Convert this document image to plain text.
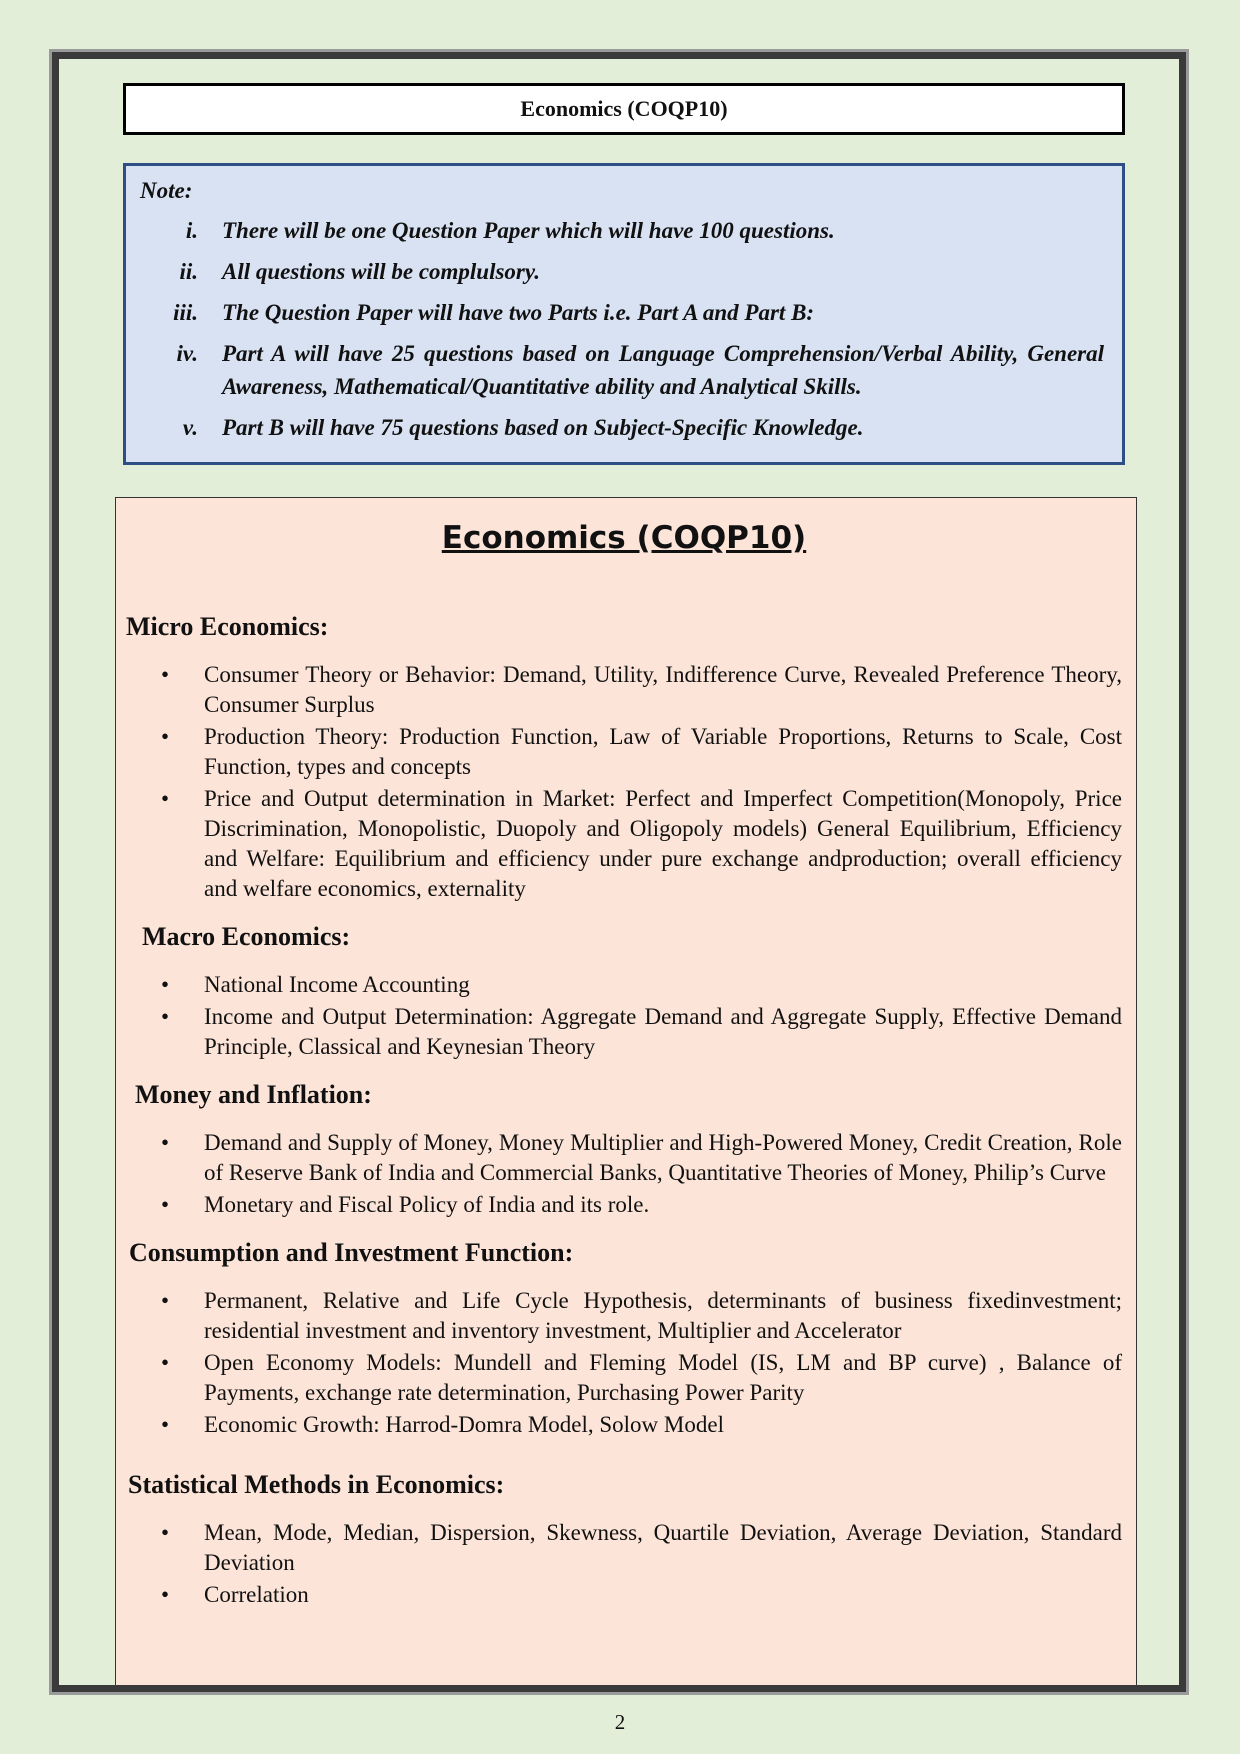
Economics (COQP10)
Note:
i.	There will be one Question Paper which will have 100 questions.
ii.	All questions will be complulsory.
iii.	The Question Paper will have two Parts i.e. Part A and Part B:
iv.	Part A will have 25 questions based on Language Comprehension/Verbal Ability, General Awareness, Mathematical/Quantitative ability and Analytical Skills.
v.	Part B will have 75 questions based on Subject-Specific Knowledge.
Economics (COQP10)
Micro Economics:
•	Consumer Theory or Behavior: Demand, Utility, Indifference Curve, Revealed Preference Theory, Consumer Surplus
•	Production Theory: Production Function, Law of Variable Proportions, Returns to Scale, Cost Function, types and concepts
•	Price and Output determination in Market: Perfect and Imperfect Competition(Monopoly, Price Discrimination, Monopolistic, Duopoly and Oligopoly models) General Equilibrium, Efficiency and Welfare: Equilibrium and efficiency under pure exchange andproduction; overall efficiency and welfare economics, externality
Macro Economics:
•	National Income Accounting
•	Income and Output Determination: Aggregate Demand and Aggregate Supply, Effective Demand Principle, Classical and Keynesian Theory
Money and Inflation:
•	Demand and Supply of Money, Money Multiplier and High-Powered Money, Credit Creation, Role of Reserve Bank of India and Commercial Banks, Quantitative Theories of Money, Philip’s Curve
•	Monetary and Fiscal Policy of India and its role.
Consumption and Investment Function:
•	Permanent, Relative and Life Cycle Hypothesis, determinants of business fixedinvestment; residential investment and inventory investment, Multiplier and Accelerator
•	Open Economy Models: Mundell and Fleming Model (IS, LM and BP curve) , Balance of Payments, exchange rate determination, Purchasing Power Parity
•	Economic Growth: Harrod-Domra Model, Solow Model
Statistical Methods in Economics:
•	Mean, Mode, Median, Dispersion, Skewness, Quartile Deviation, Average Deviation, Standard Deviation
•	Correlation
2
